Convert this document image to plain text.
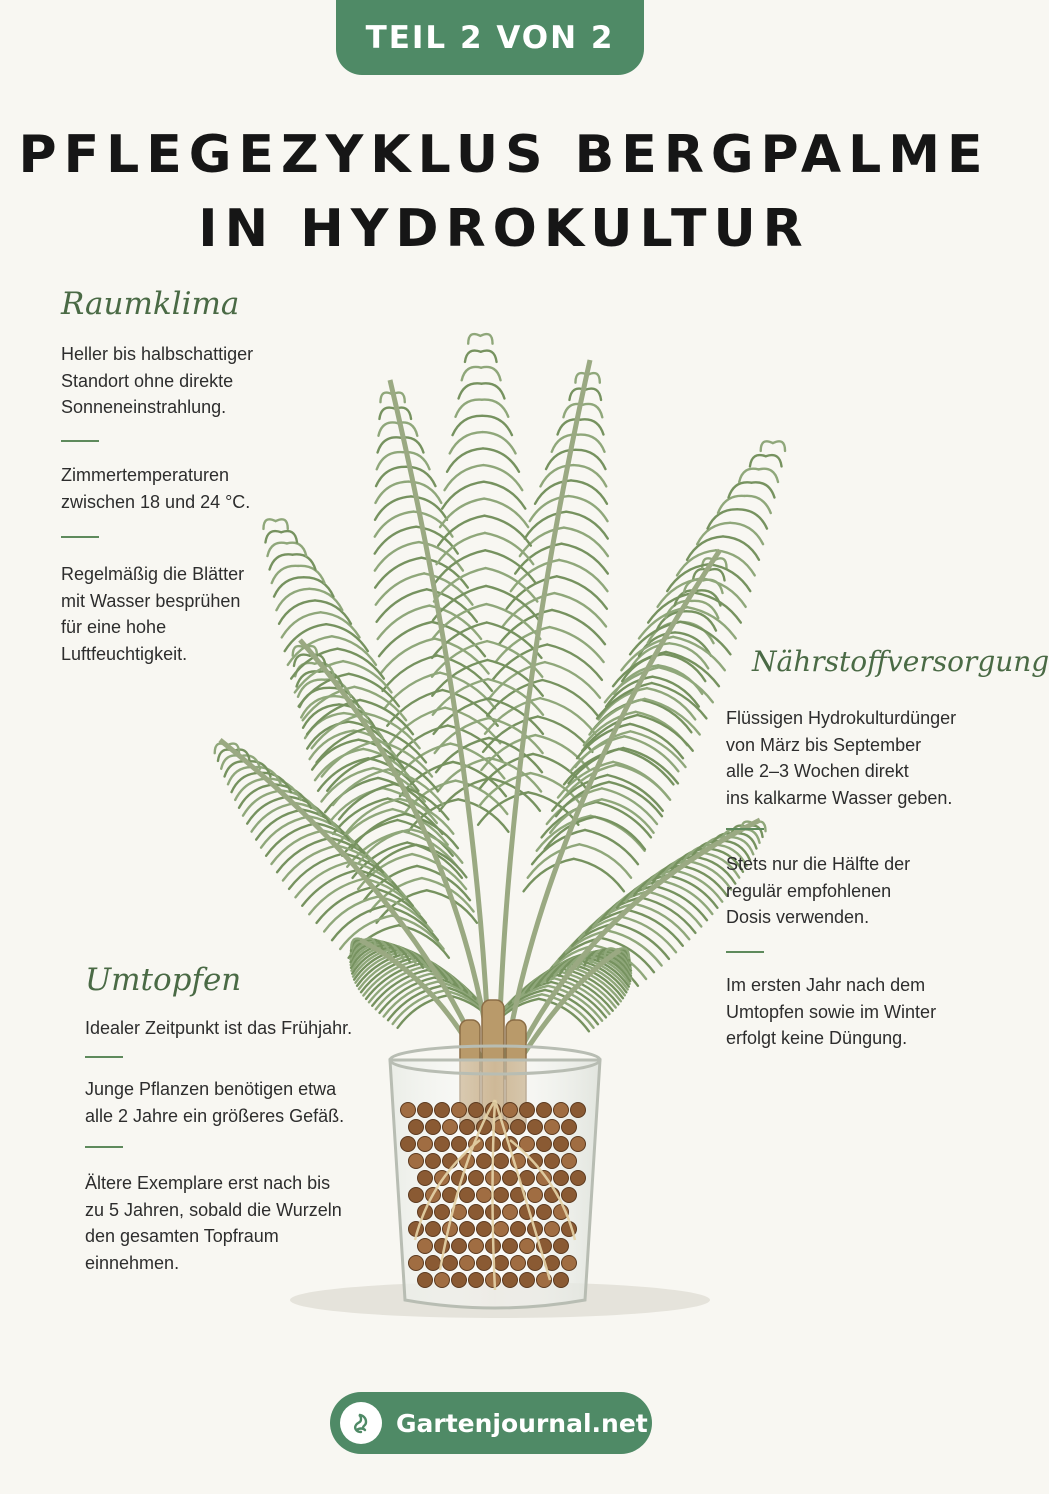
TEIL 2 VON 2
PFLEGEZYKLUS BERGPALME
IN HYDROKULTUR
Raumklima
Heller bis halbschattiger
Standort ohne direkte
Sonneneinstrahlung.
Zimmertemperaturen
zwischen 18 und 24 °C.
Regelmäßig die Blätter
mit Wasser besprühen
für eine hohe
Luftfeuchtigkeit.	Nährstoffversorgung
Flüssigen Hydrokulturdünger
von März bis September
alle 2–3 Wochen direkt
ins kalkarme Wasser geben.
Stets nur die Hälfte der
regulär empfohlenen
Dosis verwenden.
Im ersten Jahr nach dem
Umtopfen sowie im Winter
erfolgt keine Düngung.
Umtopfen
Idealer Zeitpunkt ist das Frühjahr.
Junge Pflanzen benötigen etwa
alle 2 Jahre ein größeres Gefäß.
Ältere Exemplare erst nach bis
zu 5 Jahren, sobald die Wurzeln
den gesamten Topfraum
einnehmen.
Gartenjournal.net
